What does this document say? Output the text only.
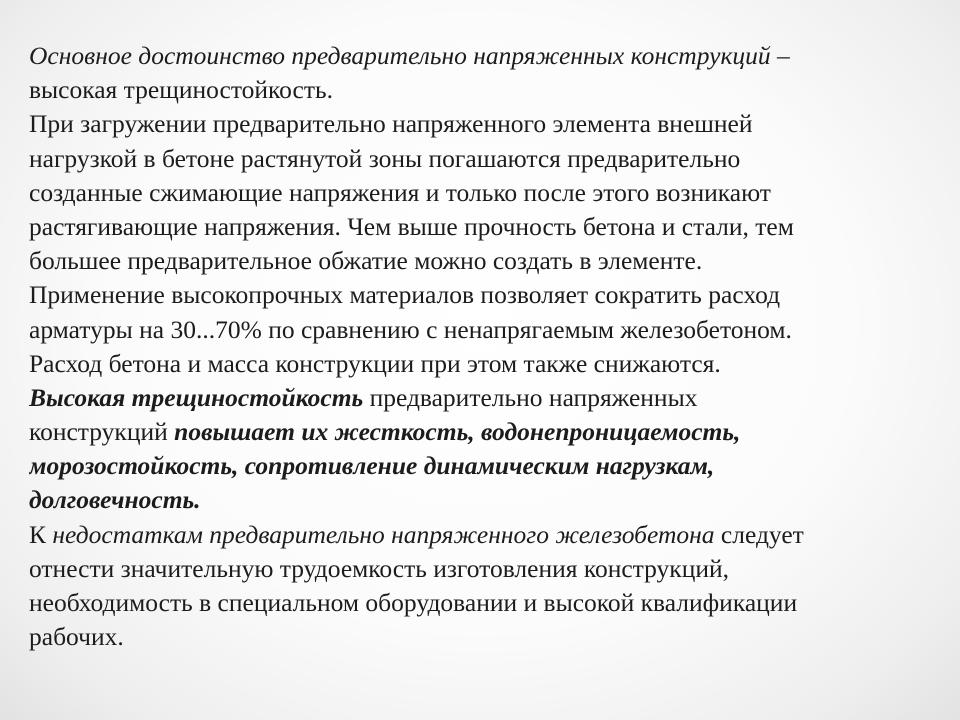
Основное достоинство предварительно напряженных конструкций –
высокая трещиностойкость.
При загружении предварительно напряженного элемента внешней
нагрузкой в бетоне растянутой зоны погашаются предварительно
созданные сжимающие напряжения и только после этого возникают
растягивающие напряжения. Чем выше прочность бетона и стали, тем
большее предварительное обжатие можно создать в элементе.
Применение высокопрочных материалов позволяет сократить расход
арматуры на 30...70% по сравнению с ненапрягаемым железобетоном.
Расход бетона и масса конструкции при этом также снижаются.
Высокая трещиностойкость предварительно напряженных
конструкций повышает их жесткость, водонепроницаемость,
морозостойкость, сопротивление динамическим нагрузкам,
долговечность.
К недостаткам предварительно напряженного железобетона следует
отнести значительную трудоемкость изготовления конструкций,
необходимость в специальном оборудовании и высокой квалификации
рабочих.
